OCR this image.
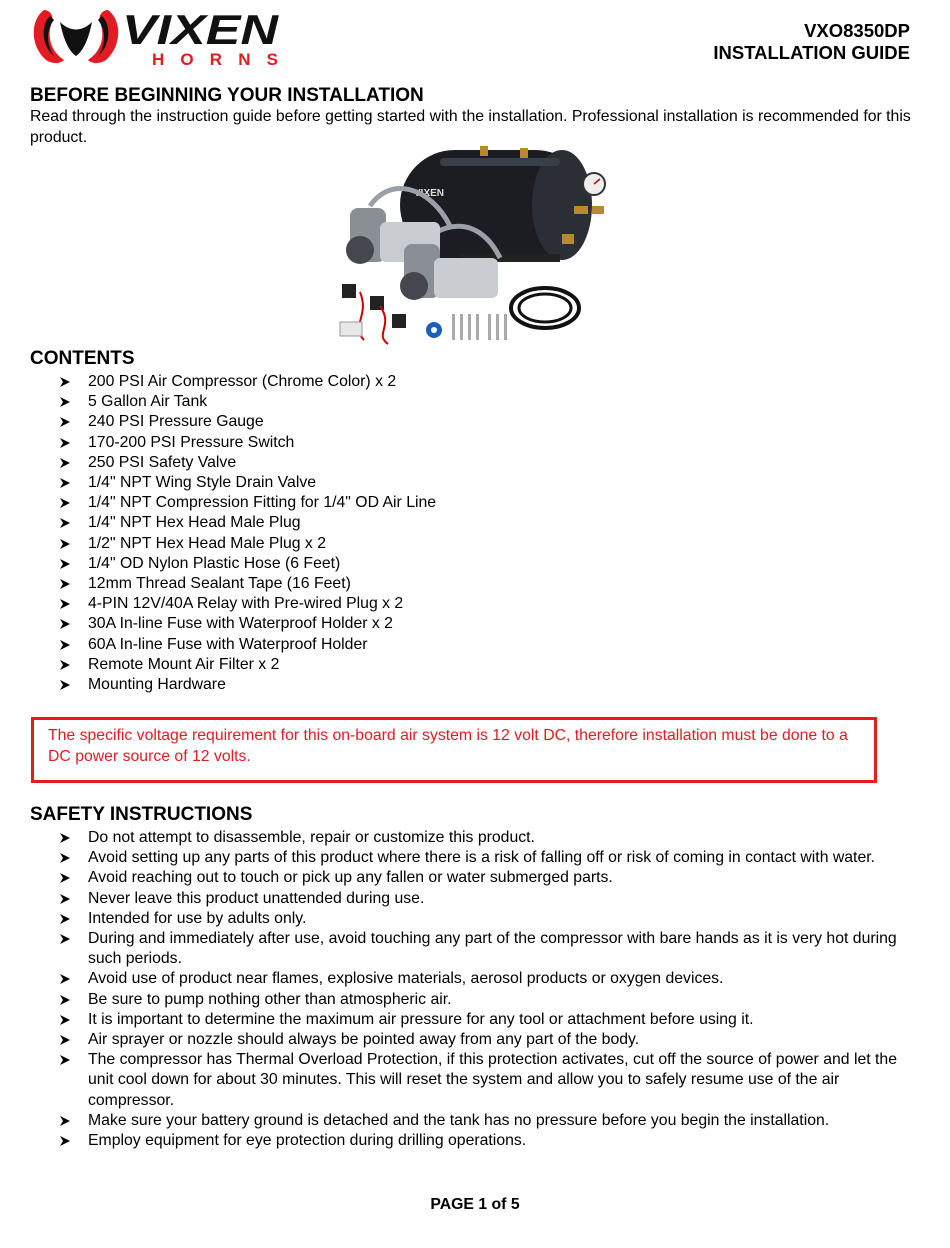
VIXEN
HORNS
VXO8350DP
INSTALLATION GUIDE
BEFORE BEGINNING YOUR INSTALLATION
Read through the instruction guide before getting started with the installation. Professional installation is recommended for this product.
VIXEN
CONTENTS
200 PSI Air Compressor (Chrome Color) x 2
5 Gallon Air Tank
240 PSI Pressure Gauge
170-200 PSI Pressure Switch
250 PSI Safety Valve
1/4" NPT Wing Style Drain Valve
1/4" NPT Compression Fitting for 1/4" OD Air Line
1/4" NPT Hex Head Male Plug
1/2" NPT Hex Head Male Plug x 2
1/4" OD Nylon Plastic Hose (6 Feet)
12mm Thread Sealant Tape (16 Feet)
4-PIN 12V/40A Relay with Pre-wired Plug x 2
30A In-line Fuse with Waterproof Holder x 2
60A In-line Fuse with Waterproof Holder
Remote Mount Air Filter x 2
Mounting Hardware
The specific voltage requirement for this on-board air system is 12 volt DC, therefore installation must be done to a DC power source of 12 volts.
SAFETY INSTRUCTIONS
Do not attempt to disassemble, repair or customize this product.
Avoid setting up any parts of this product where there is a risk of falling off or risk of coming in contact with water.
Avoid reaching out to touch or pick up any fallen or water submerged parts.
Never leave this product unattended during use.
Intended for use by adults only.
During and immediately after use, avoid touching any part of the compressor with bare hands as it is very hot during such periods.
Avoid use of product near flames, explosive materials, aerosol products or oxygen devices.
Be sure to pump nothing other than atmospheric air.
It is important to determine the maximum air pressure for any tool or attachment before using it.
Air sprayer or nozzle should always be pointed away from any part of the body.
The compressor has Thermal Overload Protection, if this protection activates, cut off the source of power and let the unit cool down for about 30 minutes. This will reset the system and allow you to safely resume use of the air compressor.
Make sure your battery ground is detached and the tank has no pressure before you begin the installation.
Employ equipment for eye protection during drilling operations.
PAGE 1 of 5
